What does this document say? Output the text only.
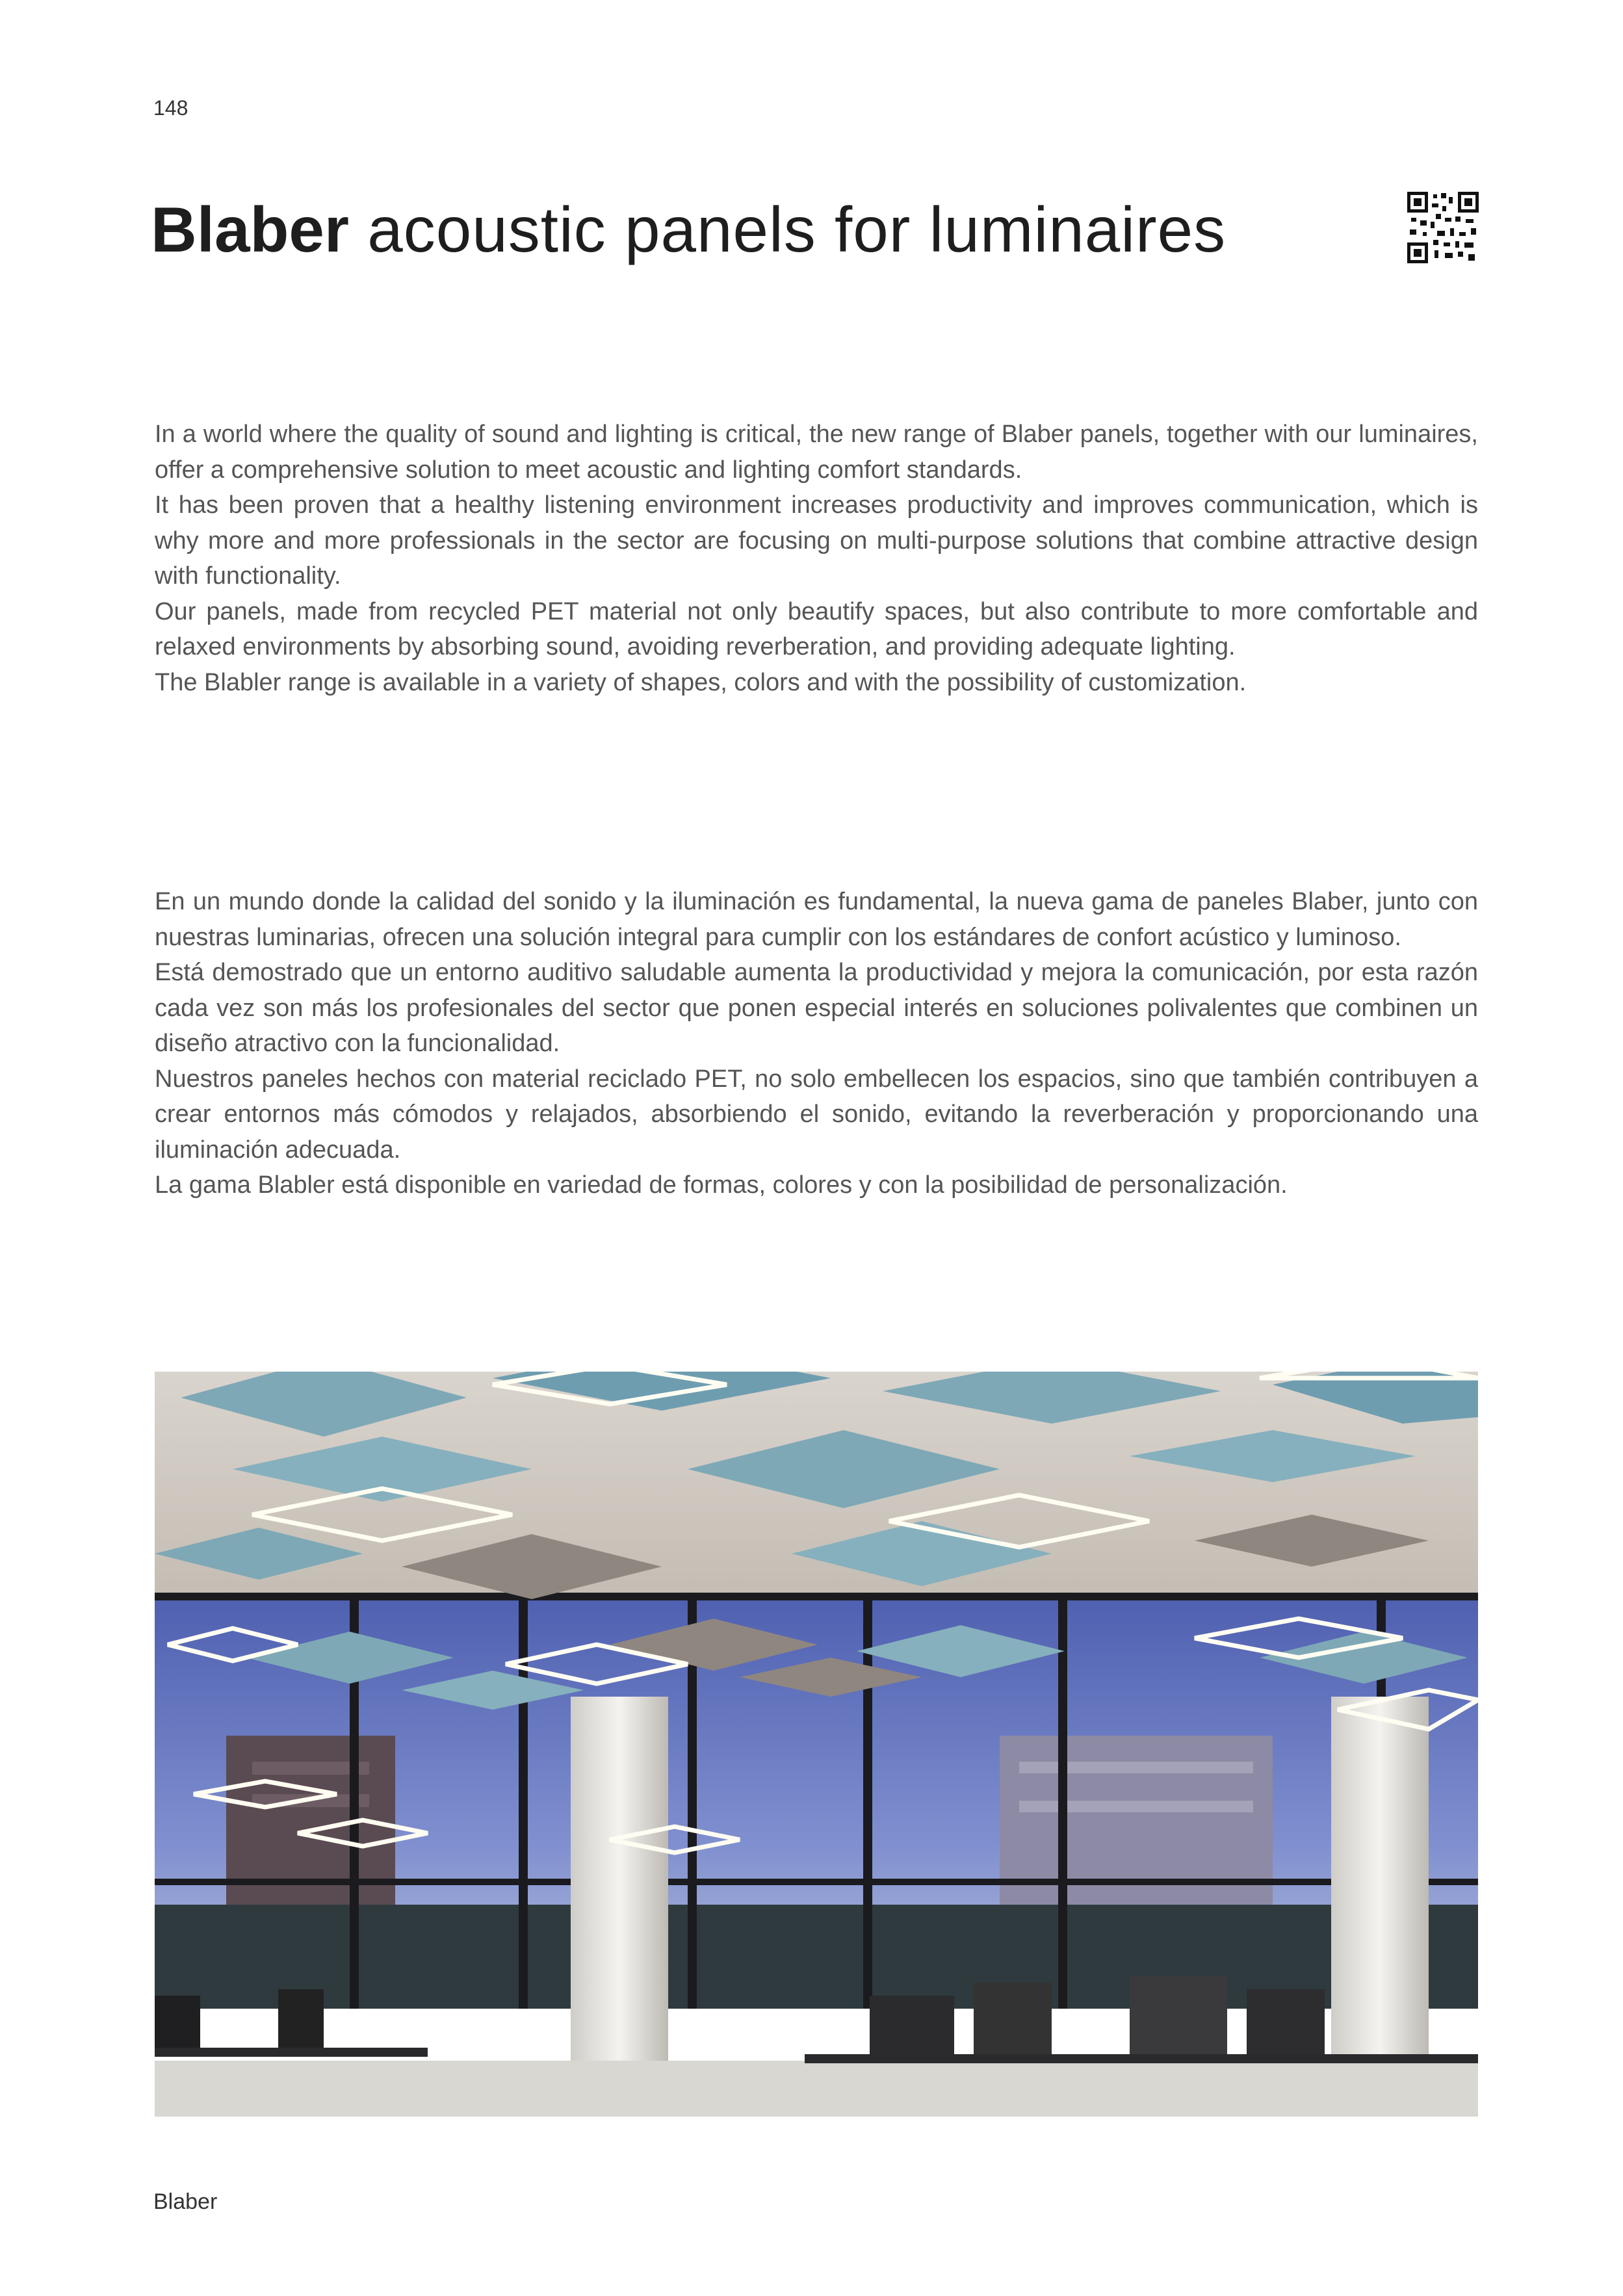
148
Blaber acoustic panels for luminaires

In a world where the quality of sound and lighting is critical, the new range of Blaber panels, together with our luminaires, offer a comprehensive solution to meet acoustic and lighting comfort standards.

It has been proven that a healthy listening environment increases productivity and improves communication, which is why more and more professionals in the sector are focusing on multi-purpose solutions that combine attractive design with functionality.

Our panels, made from recycled PET material not only beautify spaces, but also contribute to more comfortable and relaxed environments by absorbing sound, avoiding reverberation, and providing adequate lighting.

The Blabler range is available in a variety of shapes, colors and with the possibility of customization.

En un mundo donde la calidad del sonido y la iluminación es fundamental, la nueva gama de paneles Blaber, junto con nuestras luminarias, ofrecen una solución integral para cumplir con los estándares de confort acústico y luminoso.

Está demostrado que un entorno auditivo saludable aumenta la productividad y mejora la comunicación, por esta razón cada vez son más los profesionales del sector que ponen especial interés en soluciones polivalentes que combinen un diseño atractivo con la funcionalidad.

Nuestros paneles hechos con material reciclado PET, no solo embellecen los espacios, sino que también contribuyen a crear entornos más cómodos y relajados, absorbiendo el sonido, evitando la reverberación y proporcionando una iluminación adecuada.

La gama Blabler está disponible en variedad de formas, colores y con la posibilidad de personalización.

Blaber
